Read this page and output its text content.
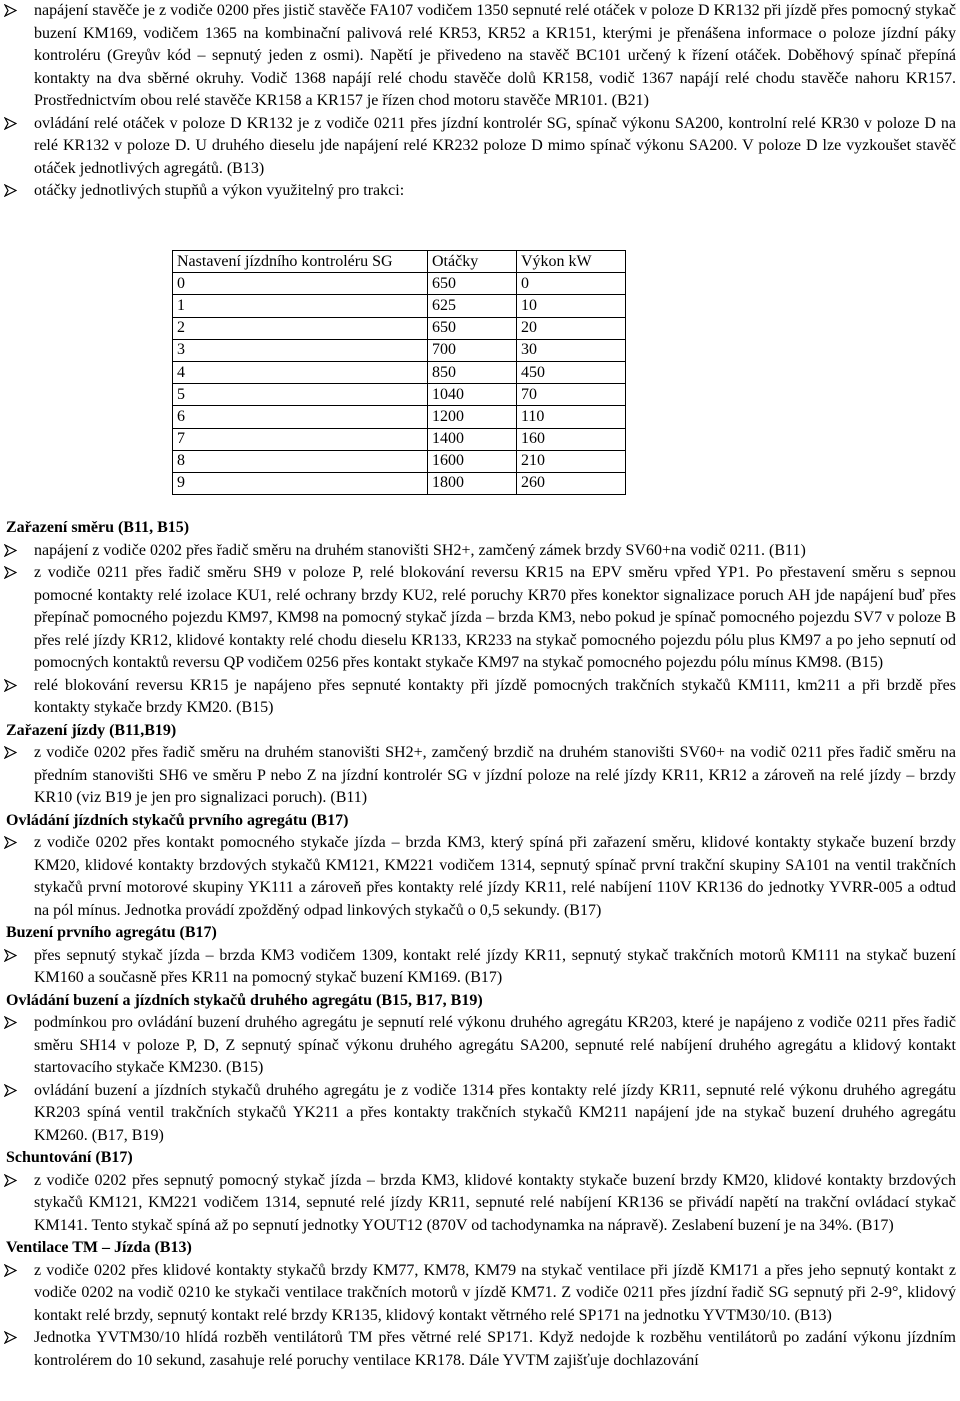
napájení stavěče je z vodiče 0200 přes jistič stavěče FA107 vodičem 1350 sepnuté relé otáček v poloze D KR132 při jízdě přes pomocný stykač buzení KM169, vodičem 1365 na kombinační palivová relé KR53, KR52 a KR151, kterými je přenášena informace o poloze jízdní páky kontroléru (Greyův kód – sepnutý jeden z osmi). Napětí je přivedeno na stavěč BC101 určený k řízení otáček. Doběhový spínač přepíná kontakty na dva sběrné okruhy. Vodič 1368 napájí relé chodu stavěče dolů KR158, vodič 1367 napájí relé chodu stavěče nahoru KR157. Prostřednictvím obou relé stavěče KR158 a KR157 je řízen chod motoru stavěče MR101. (B21)
ovládání relé otáček v poloze D KR132 je z vodiče 0211 přes jízdní kontrolér SG, spínač výkonu SA200, kontrolní relé KR30 v poloze D na relé KR132 v poloze D. U druhého dieselu jde napájení relé KR232 poloze D mimo spínač výkonu SA200. V poloze D lze vyzkoušet stavěč otáček jednotlivých agregátů. (B13)
otáčky jednotlivých stupňů a výkon využitelný pro trakci:
Nastavení jízdního kontroléru SG	Otáčky	Výkon kW
0	650	0
1	625	10
2	650	20
3	700	30
4	850	450
5	1040	70
6	1200	110
7	1400	160
8	1600	210
9	1800	260
Zařazení směru (B11, B15)
napájení z vodiče 0202 přes řadič směru na druhém stanovišti SH2+, zamčený zámek brzdy SV60+na vodič 0211. (B11)
z vodiče 0211 přes řadič směru SH9 v poloze P, relé blokování reversu KR15 na EPV směru vpřed YP1. Po přestavení směru s sepnou pomocné kontakty relé izolace KU1, relé ochrany brzdy KU2, relé poruchy KR70 přes konektor signalizace poruch AH jde napájení buď přes přepínač pomocného pojezdu KM97, KM98 na pomocný stykač jízda – brzda KM3, nebo pokud je spínač pomocného pojezdu SV7 v poloze B přes relé jízdy KR12, klidové kontakty relé chodu dieselu KR133, KR233 na stykač pomocného pojezdu pólu plus KM97 a po jeho sepnutí od pomocných kontaktů reversu QP vodičem 0256 přes kontakt stykače KM97 na stykač pomocného pojezdu pólu mínus KM98. (B15)
relé blokování reversu KR15 je napájeno přes sepnuté kontakty při jízdě pomocných trakčních stykačů KM111, km211 a při brzdě přes kontakty stykače brzdy KM20. (B15)
Zařazení jízdy (B11,B19)
z vodiče 0202 přes řadič směru na druhém stanovišti SH2+, zamčený brzdič na druhém stanovišti SV60+ na vodič 0211 přes řadič směru na předním stanovišti SH6 ve směru P nebo Z na jízdní kontrolér SG v jízdní poloze na relé jízdy KR11, KR12 a zároveň na relé jízdy – brzdy KR10 (viz B19 je jen pro signalizaci poruch). (B11)
Ovládání jízdních stykačů prvního agregátu (B17)
z vodiče 0202 přes kontakt pomocného stykače jízda – brzda KM3, který spíná při zařazení směru, klidové kontakty stykače buzení brzdy KM20, klidové kontakty brzdových stykačů KM121, KM221 vodičem 1314, sepnutý spínač první trakční skupiny SA101 na ventil trakčních stykačů první motorové skupiny YK111 a zároveň přes kontakty relé jízdy KR11, relé nabíjení 110V KR136 do jednotky YVRR-005 a odtud na pól mínus. Jednotka provádí zpožděný odpad linkových stykačů o 0,5 sekundy. (B17)
Buzení prvního agregátu (B17)
přes sepnutý stykač jízda – brzda KM3 vodičem 1309, kontakt relé jízdy KR11, sepnutý stykač trakčních motorů KM111 na stykač buzení KM160 a současně přes KR11 na pomocný stykač buzení KM169. (B17)
Ovládání buzení a jízdních stykačů druhého agregátu (B15, B17, B19)
podmínkou pro ovládání buzení druhého agregátu je sepnutí relé výkonu druhého agregátu KR203, které je napájeno z vodiče 0211 přes řadič směru SH14 v poloze P, D, Z sepnutý spínač výkonu druhého agregátu SA200, sepnuté relé nabíjení druhého agregátu a klidový kontakt startovacího stykače KM230. (B15)
ovládání buzení a jízdních stykačů druhého agregátu je z vodiče 1314 přes kontakty relé jízdy KR11, sepnuté relé výkonu druhého agregátu KR203 spíná ventil trakčních stykačů YK211 a přes kontakty trakčních stykačů KM211 napájení jde na stykač buzení druhého agregátu KM260. (B17, B19)
Schuntování (B17)
z vodiče 0202 přes sepnutý pomocný stykač jízda – brzda KM3, klidové kontakty stykače buzení brzdy KM20, klidové kontakty brzdových stykačů KM121, KM221 vodičem 1314, sepnuté relé jízdy KR11, sepnuté relé nabíjení KR136 se přivádí napětí na trakční ovládací stykač KM141. Tento stykač spíná až po sepnutí jednotky YOUT12 (870V od tachodynamka na nápravě). Zeslabení buzení je na 34%. (B17)
Ventilace TM – Jízda (B13)
z vodiče 0202 přes klidové kontakty stykačů brzdy KM77, KM78, KM79 na stykač ventilace při jízdě KM171 a přes jeho sepnutý kontakt z vodiče 0202 na vodič 0210 ke stykači ventilace trakčních motorů v jízdě KM71. Z vodiče 0211 přes jízdní řadič SG sepnutý při 2-9°, klidový kontakt relé brzdy, sepnutý kontakt relé brzdy KR135, klidový kontakt větrného relé SP171 na jednotku YVTM30/10. (B13)
Jednotka YVTM30/10 hlídá rozběh ventilátorů TM přes větrné relé SP171. Když nedojde k rozběhu ventilátorů po zadání výkonu jízdním kontrolérem do 10 sekund, zasahuje relé poruchy ventilace KR178. Dále YVTM zajišťuje dochlazování
